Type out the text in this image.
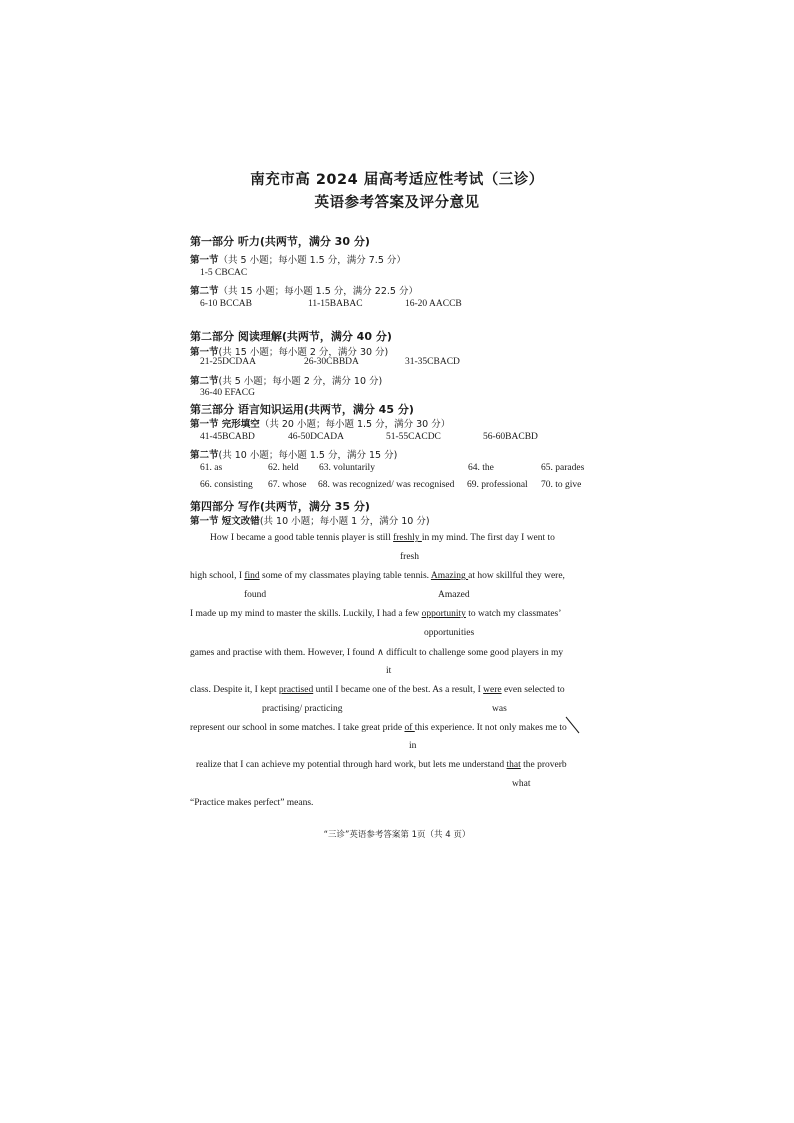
南充市高 2024 届高考适应性考试（三诊）
英语参考答案及评分意见
第一部分 听力(共两节，满分 30 分)
第一节（共 5 小题；每小题 1.5 分，满分 7.5 分）
1-5 CBCAC
第二节（共 15 小题；每小题 1.5 分，满分 22.5 分）
6-10 BCCAB	11-15BABAC	16-20 AACCB
第二部分 阅读理解(共两节，满分 40 分)
第一节(共 15 小题；每小题 2 分，满分 30 分)
21-25DCDAA	26-30CBBDA	31-35CBACD
第二节(共 5 小题；每小题 2 分，满分 10 分)
36-40 EFACG
第三部分 语言知识运用(共两节，满分 45 分)
第一节 完形填空（共 20 小题；每小题 1.5 分，满分 30 分）
41-45BCABD	46-50DCADA	51-55CACDC	56-60BACBD
第二节(共 10 小题；每小题 1.5 分，满分 15 分)
61. as	62. held 63. voluntarily	64. the	65. parades
66. consisting 67. whose 68. was recognized/ was recognised 69. professional 70. to give
第四部分 写作(共两节，满分 35 分)
第一节 短文改错(共 10 小题；每小题 1 分，满分 10 分)
How I became a good table tennis player is still freshly in my mind. The first day I went to
fresh
high school, I find some of my classmates playing table tennis. Amazing at how skillful they were,
found	Amazed
I made up my mind to master the skills. Luckily, I had a few opportunity to watch my classmates’
opportunities
games and practise with them. However, I found ∧ difficult to challenge some good players in my
it
class. Despite it, I kept practised until I became one of the best. As a result, I were even selected to
practising/ practicing	was
represent our school in some matches. I take great pride of this experience. It not only makes me to
in
realize that I can achieve my potential through hard work, but lets me understand that the proverb
what
“Practice makes perfect” means.
“三诊”英语参考答案第 1页（共 4 页）
